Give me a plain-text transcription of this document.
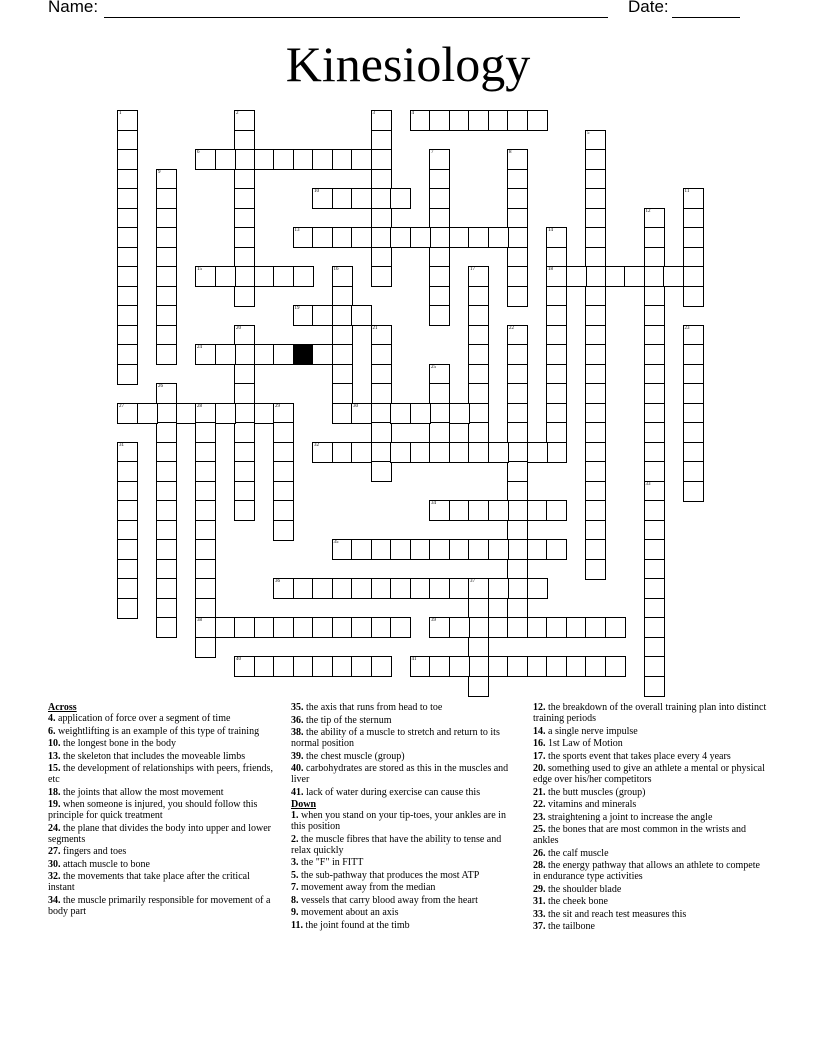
Name:	Date:
Kinesiology
1	2	3	4
5
6	7	8
9
10	11
12
13	14
18
15	16	17
19
20	21	22	23
24
25
26
27	28	29
38
30
31	32
33
34
35
36	37
39
40	41
Across
4. application of force over a segment of time
6. weightlifting is an example of this type of training
10. the longest bone in the body
13. the skeleton that includes the moveable limbs
15. the development of relationships with peers, friends, etc
18. the joints that allow the most movement
19. when someone is injured, you should follow this principle for quick treatment
24. the plane that divides the body into upper and lower segments
27. fingers and toes
30. attach muscle to bone
32. the movements that take place after the critical instant
34. the muscle primarily responsible for movement of a body part
35. the axis that runs from head to toe
36. the tip of the sternum
38. the ability of a muscle to stretch and return to its normal position
39. the chest muscle (group)
40. carbohydrates are stored as this in the muscles and liver
41. lack of water during exercise can cause this
Down
1. when you stand on your tip-toes, your ankles are in this position
2. the muscle fibres that have the ability to tense and relax quickly
3. the "F" in FITT
5. the sub-pathway that produces the most ATP
7. movement away from the median
8. vessels that carry blood away from the heart
9. movement about an axis
11. the joint found at the timb
12. the breakdown of the overall training plan into distinct training periods
14. a single nerve impulse
16. 1st Law of Motion
17. the sports event that takes place every 4 years
20. something used to give an athlete a mental or physical edge over his/her competitors
21. the butt muscles (group)
22. vitamins and minerals
23. straightening a joint to increase the angle
25. the bones that are most common in the wrists and ankles
26. the calf muscle
28. the energy pathway that allows an athlete to compete in endurance type activities
29. the shoulder blade
31. the cheek bone
33. the sit and reach test measures this
37. the tailbone
